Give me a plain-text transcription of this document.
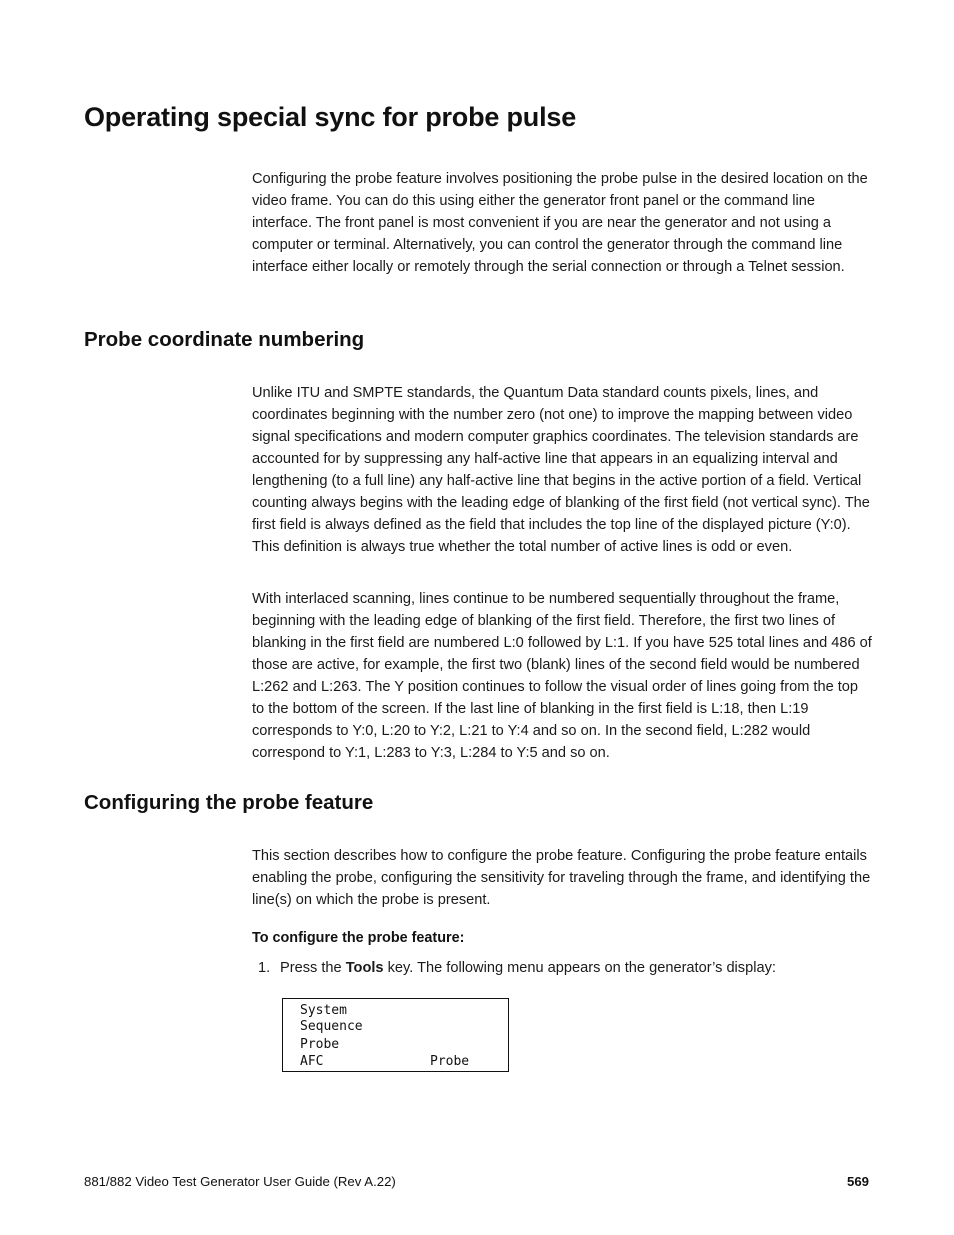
Operating special sync for probe pulse

Configuring the probe feature involves positioning the probe pulse in the desired location on the video frame. You can do this using either the generator front panel or the command line interface. The front panel is most convenient if you are near the generator and not using a computer or terminal. Alternatively, you can control the generator through the command line interface either locally or remotely through the serial connection or through a Telnet session.

Probe coordinate numbering

Unlike ITU and SMPTE standards, the Quantum Data standard counts pixels, lines, and coordinates beginning with the number zero (not one) to improve the mapping between video signal specifications and modern computer graphics coordinates. The television standards are accounted for by suppressing any half-active line that appears in an equalizing interval and lengthening (to a full line) any half-active line that begins in the active portion of a field. Vertical counting always begins with the leading edge of blanking of the first field (not vertical sync). The first field is always defined as the field that includes the top line of the displayed picture (Y:0). This definition is always true whether the total number of active lines is odd or even.

With interlaced scanning, lines continue to be numbered sequentially throughout the frame, beginning with the leading edge of blanking of the first field. Therefore, the first two lines of blanking in the first field are numbered L:0 followed by L:1. If you have 525 total lines and 486 of those are active, for example, the first two (blank) lines of the second field would be numbered L:262 and L:263. The Y position continues to follow the visual order of lines going from the top to the bottom of the screen. If the last line of blanking in the first field is L:18, then L:19 corresponds to Y:0, L:20 to Y:2, L:21 to Y:4 and so on. In the second field, L:282 would correspond to Y:1, L:283 to Y:3, L:284 to Y:5 and so on.

Configuring the probe feature

This section describes how to configure the probe feature. Configuring the probe feature entails enabling the probe, configuring the sensitivity for traveling through the frame, and identifying the line(s) on which the probe is present.

To configure the probe feature:

1. Press the Tools key. The following menu appears on the generator’s display:
System
Sequence
Probe
AFC	Probe
881/882 Video Test Generator User Guide (Rev A.22)	569
